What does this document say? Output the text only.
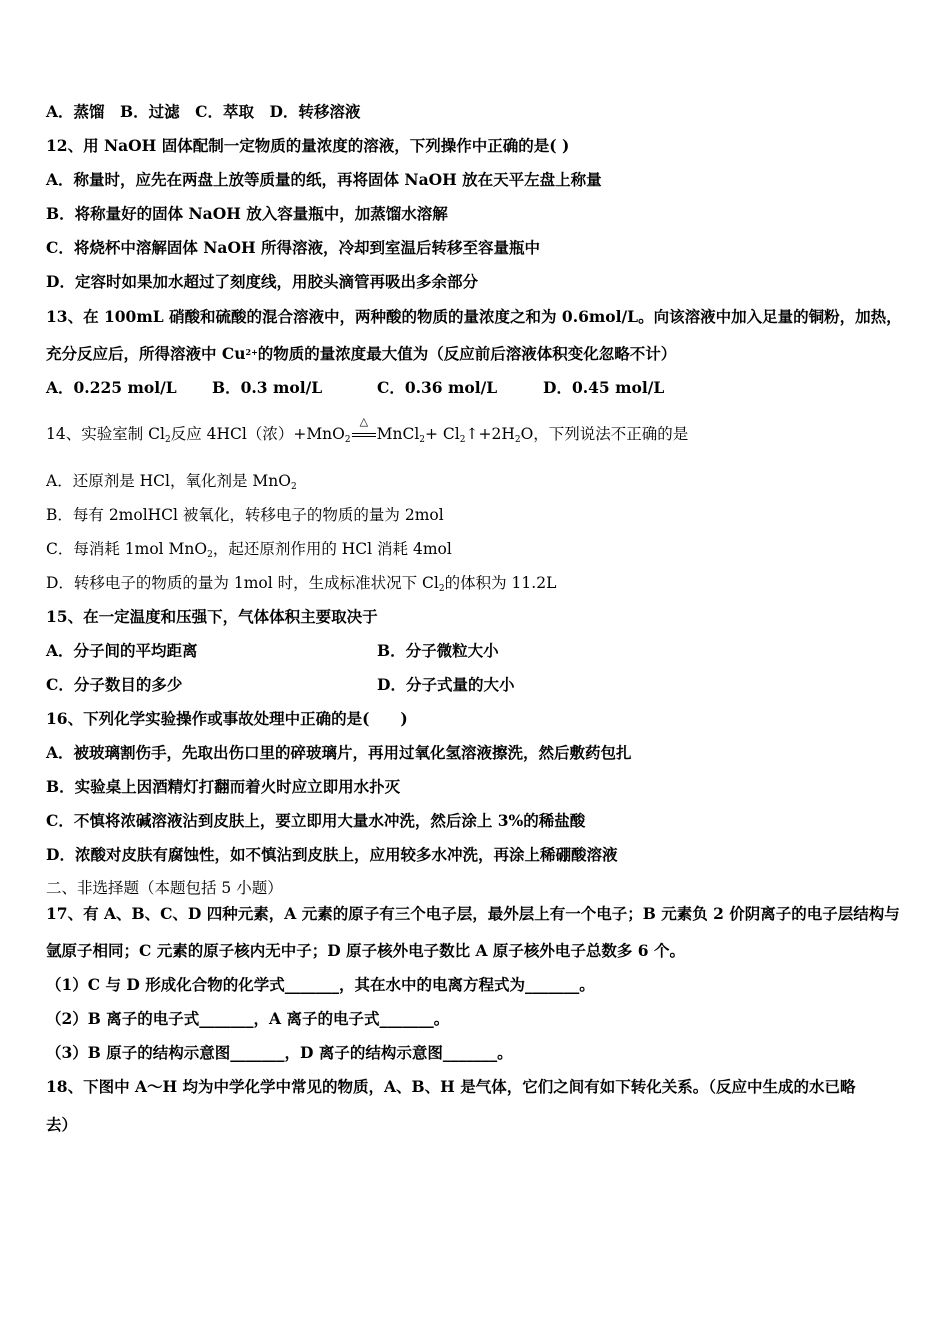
A．蒸馏　B．过滤　C．萃取　D．转移溶液
12、用 NaOH 固体配制一定物质的量浓度的溶液，下列操作中正确的是( )
A．称量时，应先在两盘上放等质量的纸，再将固体 NaOH 放在天平左盘上称量
B．将称量好的固体 NaOH 放入容量瓶中，加蒸馏水溶解
C．将烧杯中溶解固体 NaOH 所得溶液，冷却到室温后转移至容量瓶中
D．定容时如果加水超过了刻度线，用胶头滴管再吸出多余部分
13、在 100mL 硝酸和硫酸的混合溶液中，两种酸的物质的量浓度之和为 0.6mol/L。向该溶液中加入足量的铜粉，加热，
充分反应后，所得溶液中 $Cu^{2+}$的物质的量浓度最大值为（反应前后溶液体积变化忽略不计）
A．0.225 mol/L B．0.3 mol/L	C．0.36 mol/L	D．0.45 mol/L
14、实验室制 Cl2反应 4HCl（浓）+MnO2
△
MnCl2+ Cl2↑+2H2O，下列说法不正确的是
A．还原剂是 HCl，氧化剂是 MnO2
B．每有 2molHCl 被氧化，转移电子的物质的量为 2mol
C．每消耗 1mol MnO2，起还原剂作用的 HCl 消耗 4mol
D．转移电子的物质的量为 1mol 时，生成标准状况下 Cl2的体积为 11.2L
15、在一定温度和压强下，气体体积主要取决于
A．分子间的平均距离	B．分子微粒大小
C．分子数目的多少	D．分子式量的大小
16、下列化学实验操作或事故处理中正确的是(　　)
A．被玻璃割伤手，先取出伤口里的碎玻璃片，再用过氧化氢溶液擦洗，然后敷药包扎
B．实验桌上因酒精灯打翻而着火时应立即用水扑灭
C．不慎将浓碱溶液沾到皮肤上，要立即用大量水冲洗，然后涂上 3%的稀盐酸
D．浓酸对皮肤有腐蚀性，如不慎沾到皮肤上，应用较多水冲洗，再涂上稀硼酸溶液
二、非选择题（本题包括 5 小题）
17、有 A、B、C、D 四种元素，A 元素的原子有三个电子层，最外层上有一个电子；B 元素负 2 价阴离子的电子层结构与
氩原子相同；C 元素的原子核内无中子；D 原子核外电子数比 A 原子核外电子总数多 6 个。
（1）C 与 D 形成化合物的化学式_______，其在水中的电离方程式为_______。
（2）B 离子的电子式_______，A 离子的电子式_______。
（3）B 原子的结构示意图_______，D 离子的结构示意图_______。
18、下图中 A～H 均为中学化学中常见的物质，A、B、H 是气体，它们之间有如下转化关系。（反应中生成的水已略
去）
